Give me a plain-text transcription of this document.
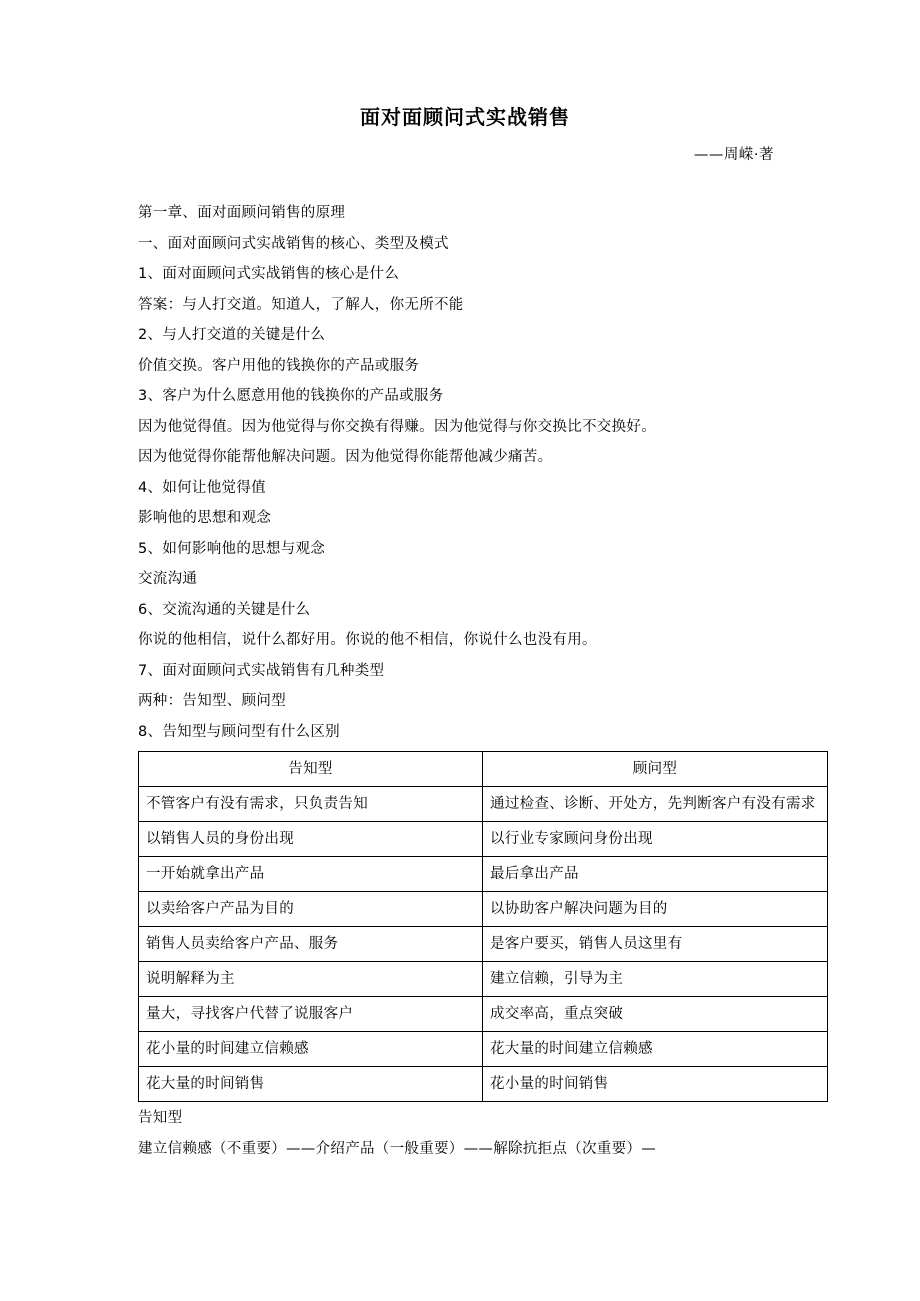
面对面顾问式实战销售
——周嵘·著

第一章、面对面顾问销售的原理

一、面对面顾问式实战销售的核心、类型及模式

1、面对面顾问式实战销售的核心是什么

答案：与人打交道。知道人，了解人，你无所不能

2、与人打交道的关键是什么

价值交换。客户用他的钱换你的产品或服务

3、客户为什么愿意用他的钱换你的产品或服务

因为他觉得值。因为他觉得与你交换有得赚。因为他觉得与你交换比不交换好。

因为他觉得你能帮他解决问题。因为他觉得你能帮他减少痛苦。

4、如何让他觉得值

影响他的思想和观念

5、如何影响他的思想与观念

交流沟通

6、交流沟通的关键是什么

你说的他相信，说什么都好用。你说的他不相信，你说什么也没有用。

7、面对面顾问式实战销售有几种类型

两种：告知型、顾问型

8、告知型与顾问型有什么区别

告知型	顾问型
不管客户有没有需求，只负责告知	通过检查、诊断、开处方，先判断客户有没有需求
以销售人员的身份出现	以行业专家顾问身份出现
一开始就拿出产品	最后拿出产品
以卖给客户产品为目的	以协助客户解决问题为目的
销售人员卖给客户产品、服务	是客户要买，销售人员这里有
说明解释为主	建立信赖，引导为主
量大，寻找客户代替了说服客户	成交率高，重点突破
花小量的时间建立信赖感	花大量的时间建立信赖感
花大量的时间销售	花小量的时间销售

告知型

建立信赖感（不重要）——介绍产品（一般重要）——解除抗拒点（次重要）—
